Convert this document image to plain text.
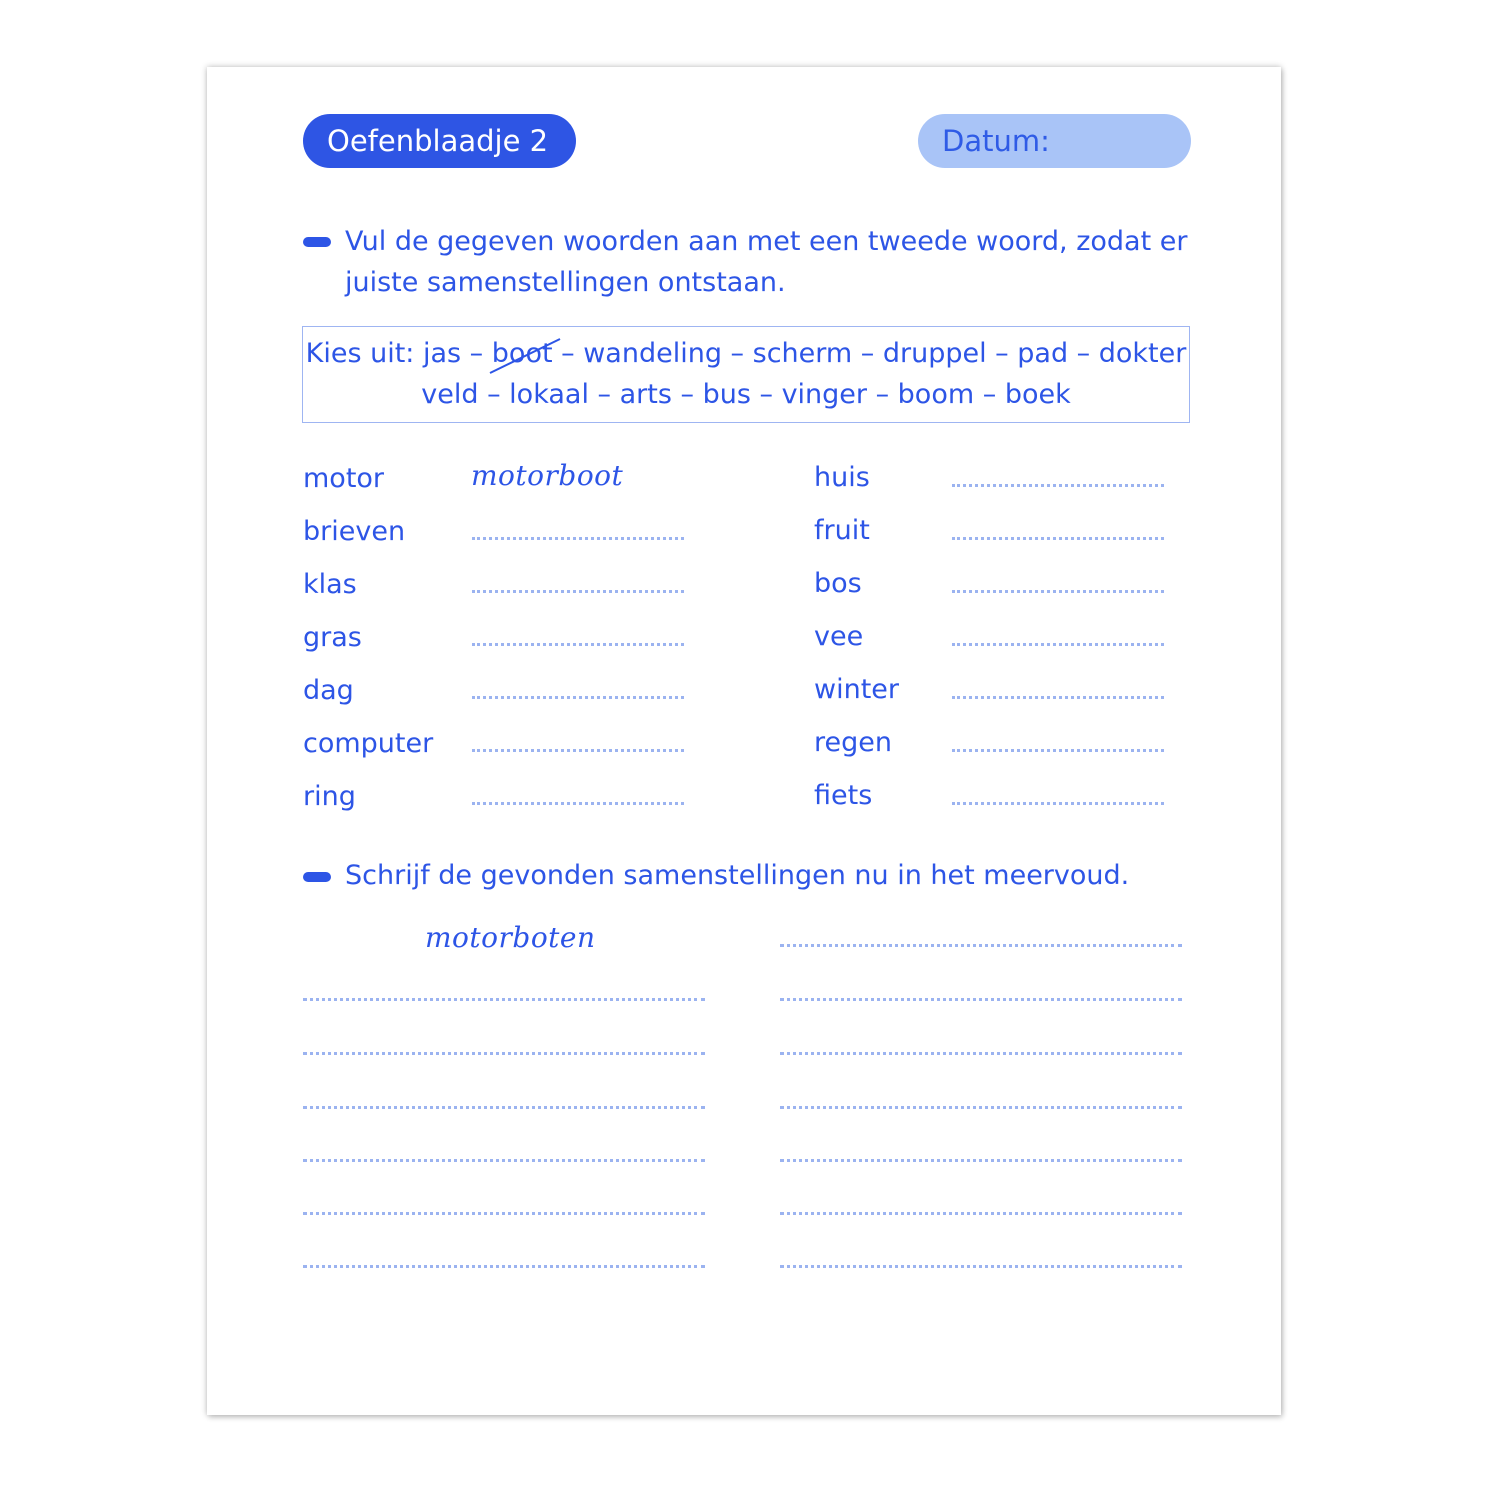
Oefenblaadje 2	Datum:
Vul de gegeven woorden aan met een tweede woord, zodat er
juiste samenstellingen ontstaan.
Kies uit: jas – boot
– wandeling – scherm – druppel – pad – dokter
veld – lokaal – arts – bus – vinger – boom – boek
motor
brieven
klas
gras
dag
computer
ring
motorboot	huis
fruit
bos
vee
winter
regen
fiets
Schrijf de gevonden samenstellingen nu in het meervoud.
motorboten
